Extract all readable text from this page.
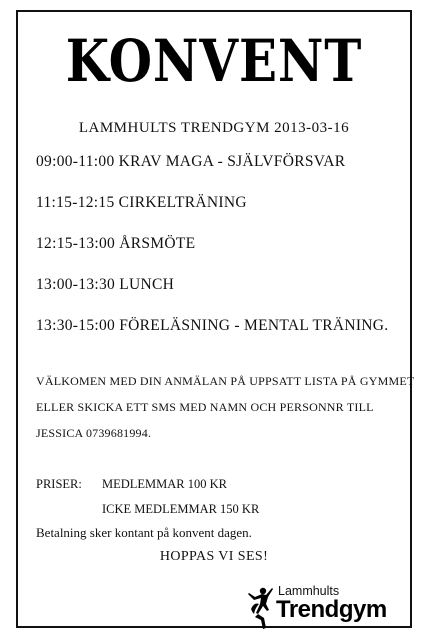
KONVENT
LAMMHULTS TRENDGYM 2013-03-16
09:00-11:00 KRAV MAGA - SJÄLVFÖRSVAR
11:15-12:15 CIRKELTRÄNING
12:15-13:00 ÅRSMÖTE
13:00-13:30 LUNCH
13:30-15:00 FÖRELÄSNING - MENTAL TRÄNING.
VÄLKOMEN MED DIN ANMÄLAN PÅ UPPSATT LISTA PÅ GYMMET
ELLER SKICKA ETT SMS MED NAMN OCH PERSONNR TILL
JESSICA 0739681994.
PRISER: MEDLEMMAR 100 KR
ICKE MEDLEMMAR 150 KR
Betalning sker kontant på konvent dagen.
HOPPAS VI SES!
Lammhults
Trendgym
